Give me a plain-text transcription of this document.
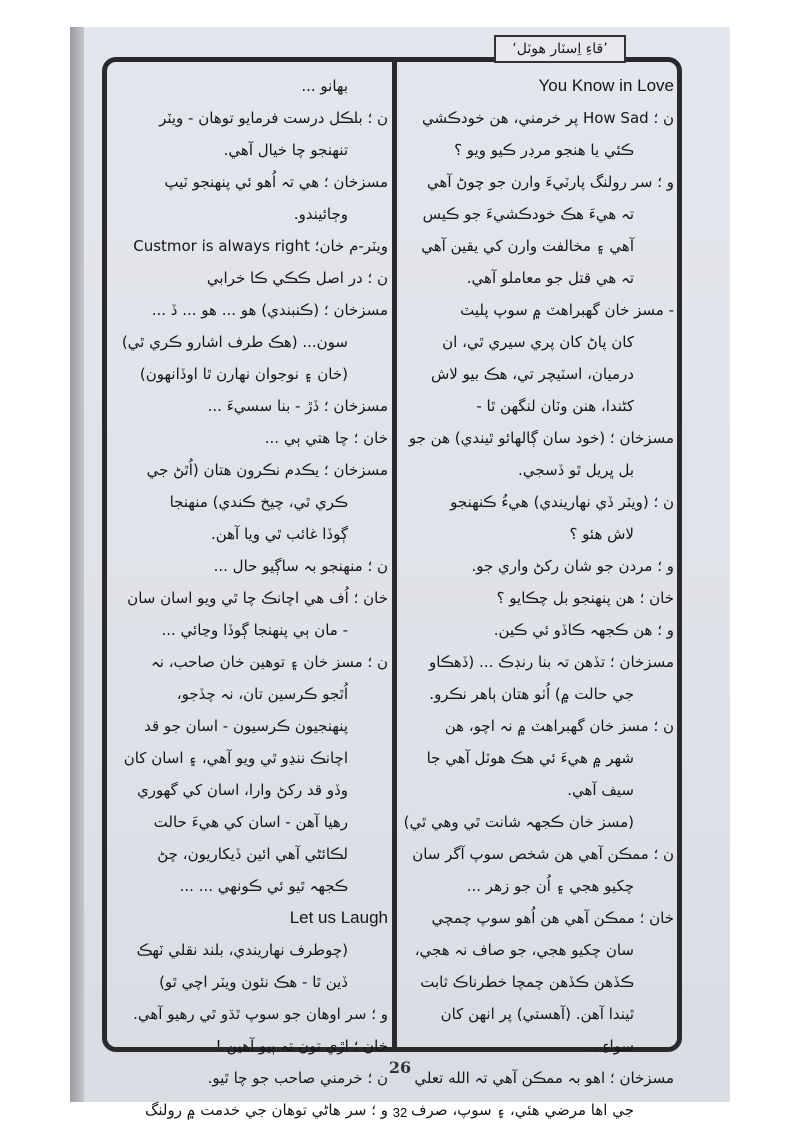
’قاءِ اِسٽار هوٽل‘
You Know in Love
ن ؛ How Sad پر خرمني، هن خودڪشي
ڪئي يا هنجو مرڊر ڪيو ويو ؟
و ؛ سر رولنگ پارٽيءَ وارن جو چوڻ آهي
تہ هيءَ هڪ خودڪشيءَ جو ڪيس
آهي ۽ مخالفت وارن کي يقين آهي
تہ هي قتل جو معاملو آهي.
- مسز خان گھبراهٽ ۾ سوپ پليٽ
کان پاڻ کان پري سيري ٿي، ان
درميان، اسٽيچر تي، هڪ بيو لاش
کڻندا، هنن وٽان لنگهن ٿا -
مسزخان ؛ (خود سان ڳالهائو ٿيندي) هن جو
بل ڀريل ٿو ڏسجي.
ن ؛ (ويٽر ڏي نهاريندي) هيءُ ڪنهنجو
لاش هئو ؟
و ؛ مردن جو شان رکڻ واري جو.
خان ؛ هن پنهنجو بل چڪايو ؟
و ؛ هن ڪجهہ ڪاڏو ئي ڪين.
مسزخان ؛ تڏهن تہ بنا رنڊڪ ... (ڏهڪاو
جي حالت ۾) اُٺو هتان ٻاهر نڪرو.
ن ؛ مسز خان گھبراهٽ ۾ نہ اچو، هن
شهر ۾ هيءَ ئي هڪ هوٽل آهي جا
سيف آهي.
(مسز خان ڪجهہ شانت ٿي وهي ٿي)
ن ؛ ممڪن آهي هن شخص سوپ آگر سان
چکيو هجي ۽ اُن جو زهر ...
خان ؛ ممڪن آهي هن اُهو سوپ چمچي
سان چکيو هجي، جو صاف نہ هجي،
ڪڏهن ڪڏهن چمچا خطرناڪ ثابت
ٿيندا آهن. (آهستي) پر انهن کان
سواءِ ...
مسزخان ؛ اهو بہ ممڪن آهي تہ الله تعلي
جي اها مرضي هئي، ۽ سوپ، صرف
بهانو ...
ن ؛ بلڪل درست فرمايو توهان - ويٽر
تنهنجو چا خيال آهي.
مسزخان ؛ هي تہ اُهو ئي پنهنجو ٽيپ
وڄائيندو.
ويٽر-م خان؛ Custmor is always right
ن ؛ در اصل ڪڪي ڪا خرابي
مسزخان ؛ (ڪنبندي) هو ... هو ... ڏ ...
سون... (هڪ طرف اشارو ڪري ٿي)
(خان ۽ نوجوان نهارن ٿا اوڏانهون)
مسزخان ؛ ڏڙ - بنا سسيءَ ...
خان ؛ چا هتي ٻي ...
مسزخان ؛ يڪدم نڪرون هتان (اُٿڻ جي
ڪري ٿي، چيخ ڪندي) منهنجا
ڳوڏا غائب ٿي ويا آهن.
ن ؛ منهنجو بہ ساڳيو حال ...
خان ؛ اُف هي اچانڪ چا ٿي ويو اسان سان
- مان ٻي پنهنجا ڳوڏا وڃائي ...
ن ؛ مسز خان ۽ توهين خان صاحب، نہ
اُٿجو ڪرسين تان، نہ چڏجو،
پنهنجيون ڪرسيون - اسان جو قد
اچانڪ ننڍو ٿي ويو آهي، ۽ اسان کان
وڏو قد رکڻ وارا، اسان کي گھوري
رهيا آهن - اسان کي هيءَ حالت
لڪائڻي آهي ائين ڏيکاريون، چڻ
ڪجهہ ٿيو ئي ڪونهي ... ...
Let us Laugh
(چوطرف نهاريندي، بلند نقلي ٽهڪ
ڏين ٿا - هڪ نئون ويٽر اچي ٿو)
و ؛ سر اوهان جو سوپ ٿڌو ٿي رهيو آهي.
خان ؛ اڙي تون تہ ٻيو آهين !
ن ؛ خرمني صاحب جو چا ٿيو.
و ؛ سر هاڻي توهان جي خدمت ۾ رولنگ
26
32
